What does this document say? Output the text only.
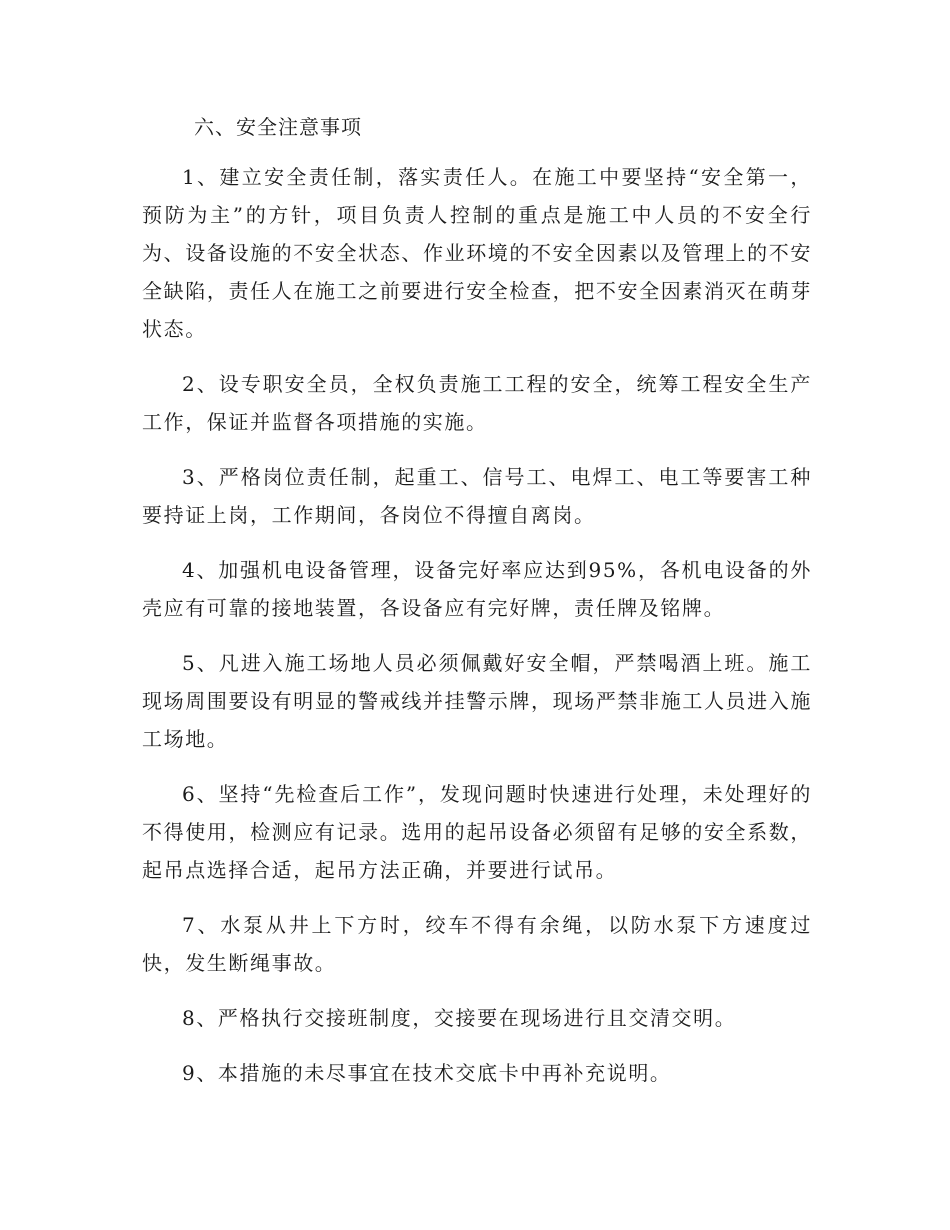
六、安全注意事项

1、建立安全责任制，落实责任人。在施工中要坚持“安全第一，预防为主”的方针，项目负责人控制的重点是施工中人员的不安全行为、设备设施的不安全状态、作业环境的不安全因素以及管理上的不安全缺陷，责任人在施工之前要进行安全检查，把不安全因素消灭在萌芽状态。

2、设专职安全员，全权负责施工工程的安全，统筹工程安全生产工作，保证并监督各项措施的实施。

3、严格岗位责任制，起重工、信号工、电焊工、电工等要害工种要持证上岗，工作期间，各岗位不得擅自离岗。

4、加强机电设备管理，设备完好率应达到95%，各机电设备的外壳应有可靠的接地装置，各设备应有完好牌，责任牌及铭牌。

5、凡进入施工场地人员必须佩戴好安全帽，严禁喝酒上班。施工现场周围要设有明显的警戒线并挂警示牌，现场严禁非施工人员进入施工场地。

6、坚持“先检查后工作”，发现问题时快速进行处理，未处理好的不得使用，检测应有记录。选用的起吊设备必须留有足够的安全系数，起吊点选择合适，起吊方法正确，并要进行试吊。

7、水泵从井上下方时，绞车不得有余绳，以防水泵下方速度过快，发生断绳事故。

8、严格执行交接班制度，交接要在现场进行且交清交明。

9、本措施的未尽事宜在技术交底卡中再补充说明。
